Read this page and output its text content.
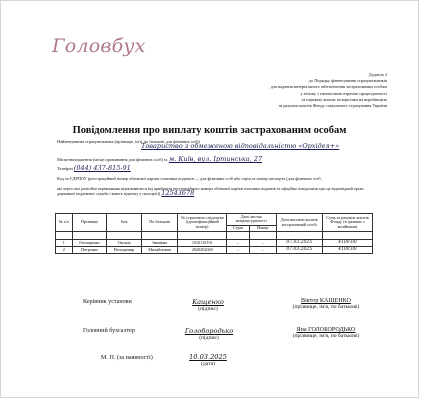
Головбух
Додаток 2
до Порядку фінансування страхувальників
для надання матеріального забезпечення застрахованим особам
у зв'язку з тимчасовою втратою працездатності
та переказу виплат потерпілим на виробництві
за рахунок коштів Фонду соціального страхування України
Повідомлення про виплату коштів застрахованим особам
Найменування страхувальника (прізвище, ім'я, по батькові для фізичних осіб)
Товариство з обмеженою відповідальністю «Орхідея+»
Місцезнаходження (місце проживання для фізичних осіб) м. м. Київ, вул. Іртинська, 27
Телефон (044) 437-815-91
Код за ЄДРПОУ (реєстраційний номер облікової картки платника податків — для фізичних осіб або серія та номер паспорта (для фізичних осіб,
які через свої релігійні переконання відмовляються від прийняття реєстраційного номера облікової картки платника податків та офіційно повідомили про це відповідний орган державної податкової служби і мають відмітку у паспорті)) 12543678
№ з/п	Прізвище	Ім'я	По батькові	№ страхового свідоцтва (ідентифікаційний номер)	Дані листка непрацездатності		Дата виплати коштів застрахованій особі	Сума за рахунок коштів Фонду (в гривнях з копійками)
					Серія	Номер		

1	Гончаренко	Оксана	Іванівна	1010110101	–	–	07.03.2025	4100,00
2	Петренко	Володимир	Михайлович	2020202020	–	–	07.03.2025	4100,00
Керівник установи	Kащенко
(підпис)
Віктор КАЩЕНКО
(прізвище, ім'я, по батькові)
Головний бухгалтер	Голобородько
(підпис)
Яна ГОЛОБОРОДЬКО
(прізвище, ім'я, по батькові)
М. П. (за наявності)	10.03.2025
(дата)
